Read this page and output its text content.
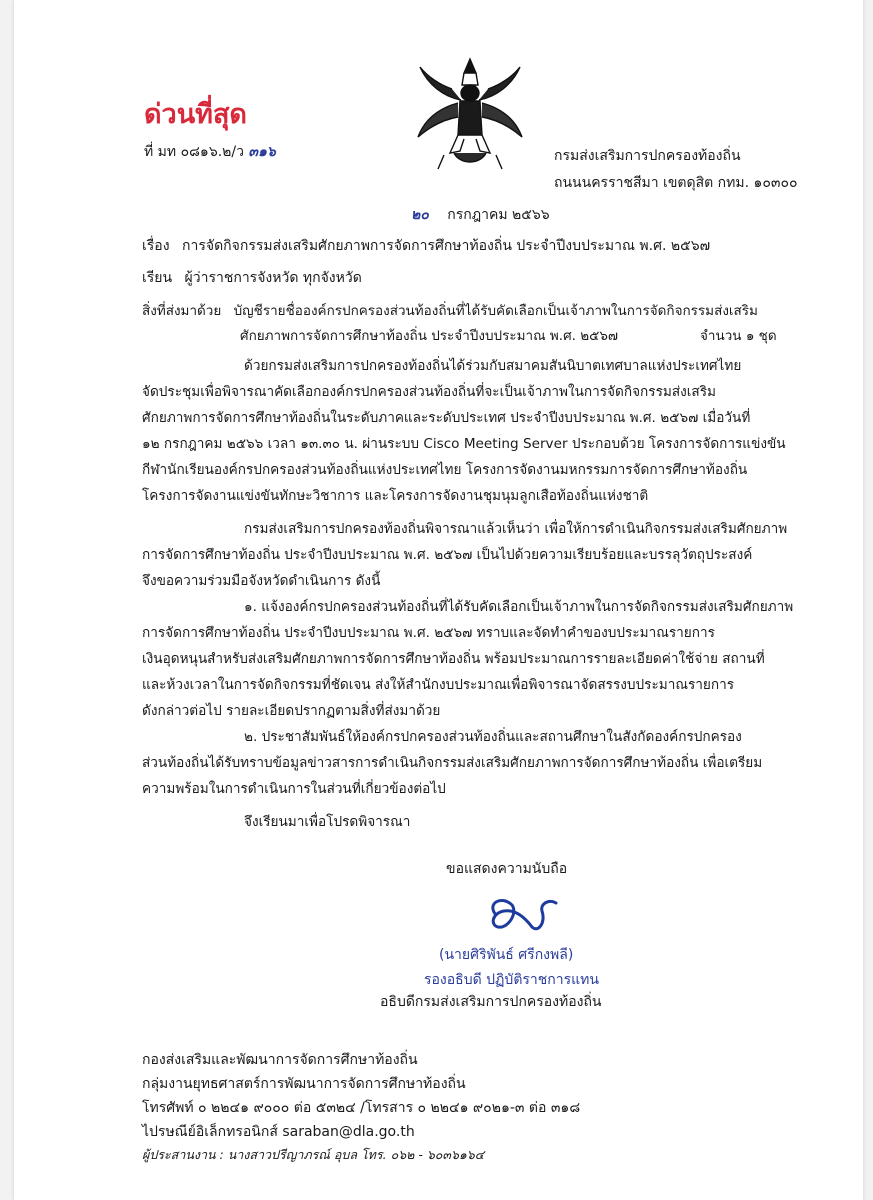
ด่วนที่สุด
ที่ มท ๐๘๑๖.๒/ว ๓๑๖	กรมส่งเสริมการปกครองท้องถิ่น
ถนนนครราชสีมา เขตดุสิต กทม. ๑๐๓๐๐
๒๐ กรกฎาคม ๒๕๖๖
เรื่อง การจัดกิจกรรมส่งเสริมศักยภาพการจัดการศึกษาท้องถิ่น ประจำปีงบประมาณ พ.ศ. ๒๕๖๗
เรียน ผู้ว่าราชการจังหวัด ทุกจังหวัด
สิ่งที่ส่งมาด้วย บัญชีรายชื่อองค์กรปกครองส่วนท้องถิ่นที่ได้รับคัดเลือกเป็นเจ้าภาพในการจัดกิจกรรมส่งเสริม
ศักยภาพการจัดการศึกษาท้องถิ่น ประจำปีงบประมาณ พ.ศ. ๒๕๖๗	จำนวน ๑ ชุด
ด้วยกรมส่งเสริมการปกครองท้องถิ่นได้ร่วมกับสมาคมสันนิบาตเทศบาลแห่งประเทศไทย
จัดประชุมเพื่อพิจารณาคัดเลือกองค์กรปกครองส่วนท้องถิ่นที่จะเป็นเจ้าภาพในการจัดกิจกรรมส่งเสริม
ศักยภาพการจัดการศึกษาท้องถิ่นในระดับภาคและระดับประเทศ ประจำปีงบประมาณ พ.ศ. ๒๕๖๗ เมื่อวันที่
๑๒ กรกฎาคม ๒๕๖๖ เวลา ๑๓.๓๐ น. ผ่านระบบ Cisco Meeting Server ประกอบด้วย โครงการจัดการแข่งขัน
กีฬานักเรียนองค์กรปกครองส่วนท้องถิ่นแห่งประเทศไทย โครงการจัดงานมหกรรมการจัดการศึกษาท้องถิ่น
โครงการจัดงานแข่งขันทักษะวิชาการ และโครงการจัดงานชุมนุมลูกเสือท้องถิ่นแห่งชาติ
กรมส่งเสริมการปกครองท้องถิ่นพิจารณาแล้วเห็นว่า เพื่อให้การดำเนินกิจกรรมส่งเสริมศักยภาพ
การจัดการศึกษาท้องถิ่น ประจำปีงบประมาณ พ.ศ. ๒๕๖๗ เป็นไปด้วยความเรียบร้อยและบรรลุวัตถุประสงค์
จึงขอความร่วมมือจังหวัดดำเนินการ ดังนี้
๑. แจ้งองค์กรปกครองส่วนท้องถิ่นที่ได้รับคัดเลือกเป็นเจ้าภาพในการจัดกิจกรรมส่งเสริมศักยภาพ
การจัดการศึกษาท้องถิ่น ประจำปีงบประมาณ พ.ศ. ๒๕๖๗ ทราบและจัดทำคำของบประมาณรายการ
เงินอุดหนุนสำหรับส่งเสริมศักยภาพการจัดการศึกษาท้องถิ่น พร้อมประมาณการรายละเอียดค่าใช้จ่าย สถานที่
และห้วงเวลาในการจัดกิจกรรมที่ชัดเจน ส่งให้สำนักงบประมาณเพื่อพิจารณาจัดสรรงบประมาณรายการ
ดังกล่าวต่อไป รายละเอียดปรากฏตามสิ่งที่ส่งมาด้วย
๒. ประชาสัมพันธ์ให้องค์กรปกครองส่วนท้องถิ่นและสถานศึกษาในสังกัดองค์กรปกครอง
ส่วนท้องถิ่นได้รับทราบข้อมูลข่าวสารการดำเนินกิจกรรมส่งเสริมศักยภาพการจัดการศึกษาท้องถิ่น เพื่อเตรียม
ความพร้อมในการดำเนินการในส่วนที่เกี่ยวข้องต่อไป
จึงเรียนมาเพื่อโปรดพิจารณา
ขอแสดงความนับถือ
(นายศิริพันธ์ ศรีกงพลี)
รองอธิบดี ปฏิบัติราชการแทน
อธิบดีกรมส่งเสริมการปกครองท้องถิ่น
กองส่งเสริมและพัฒนาการจัดการศึกษาท้องถิ่น
กลุ่มงานยุทธศาสตร์การพัฒนาการจัดการศึกษาท้องถิ่น
โทรศัพท์ ๐ ๒๒๔๑ ๙๐๐๐ ต่อ ๕๓๒๔ /โทรสาร ๐ ๒๒๔๑ ๙๐๒๑-๓ ต่อ ๓๑๘
ไปรษณีย์อิเล็กทรอนิกส์ saraban@dla.go.th
ผู้ประสานงาน : นางสาวปรีญาภรณ์ อุบล โทร. ๐๖๒ - ๖๐๓๖๑๖๔
